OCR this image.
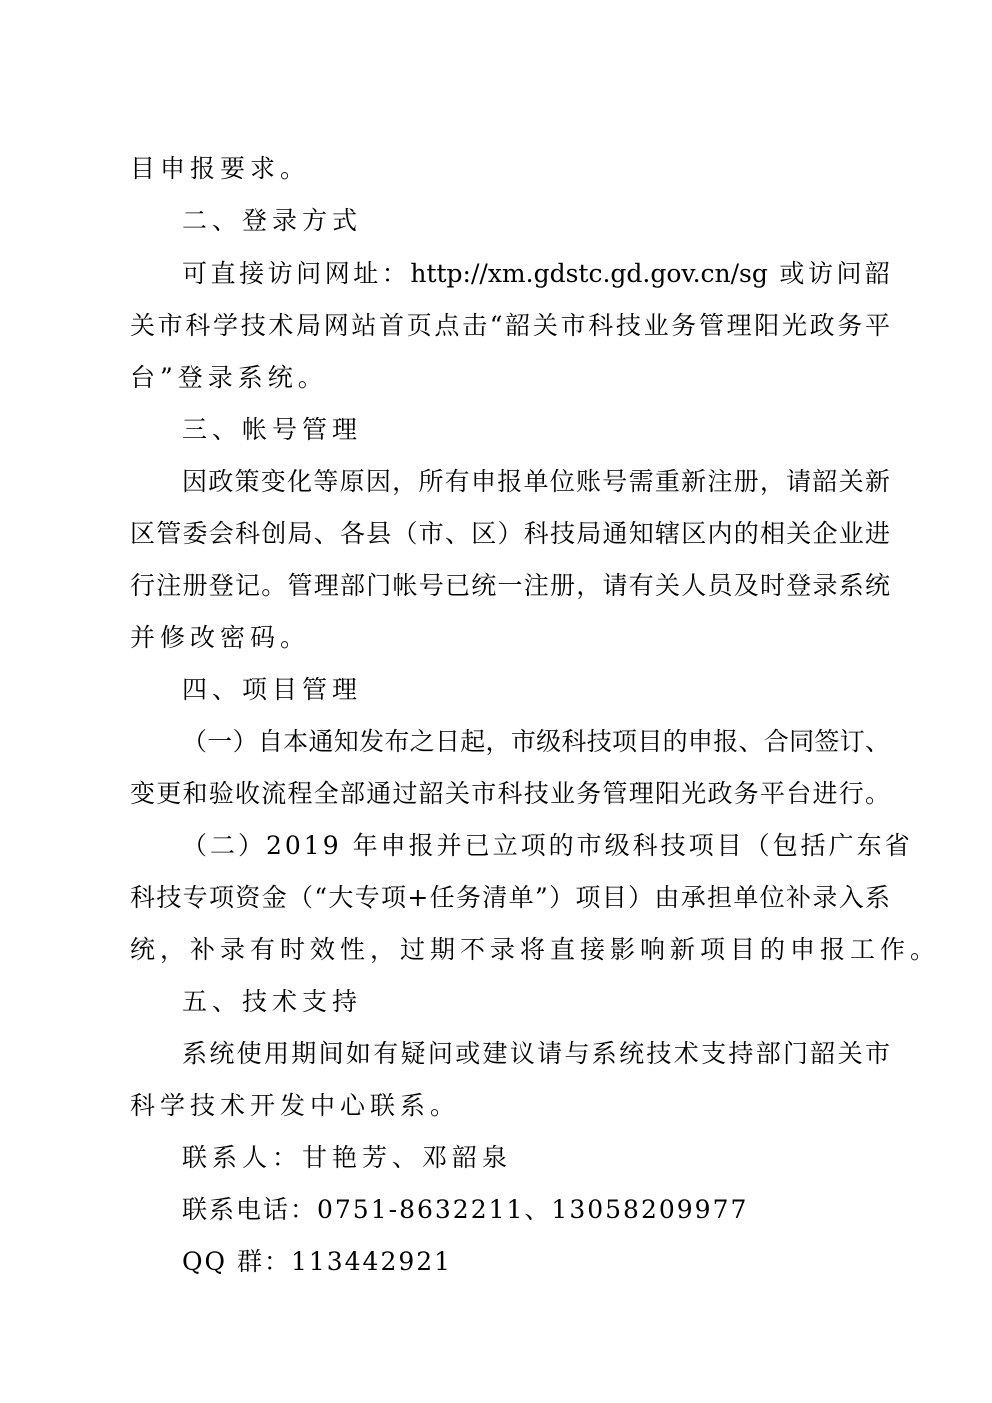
目申报要求。
二、登录方式
可直接访问网址：http://xm.gdstc.gd.gov.cn/sg 或访问韶
关市科学技术局网站首页点击“韶关市科技业务管理阳光政务平
台”登录系统。
三、帐号管理
因政策变化等原因，所有申报单位账号需重新注册，请韶关新
区管委会科创局、各县（市、区）科技局通知辖区内的相关企业进
行注册登记。管理部门帐号已统一注册，请有关人员及时登录系统
并修改密码。
四、项目管理
（一）自本通知发布之日起，市级科技项目的申报、合同签订、
变更和验收流程全部通过韶关市科技业务管理阳光政务平台进行。
（二）2019 年申报并已立项的市级科技项目（包括广东省
科技专项资金（“大专项+任务清单”）项目）由承担单位补录入系
统，补录有时效性，过期不录将直接影响新项目的申报工作。
五、技术支持
系统使用期间如有疑问或建议请与系统技术支持部门韶关市
科学技术开发中心联系。
联系人：甘艳芳、邓韶泉
联系电话：0751-8632211、13058209977
QQ 群：113442921
